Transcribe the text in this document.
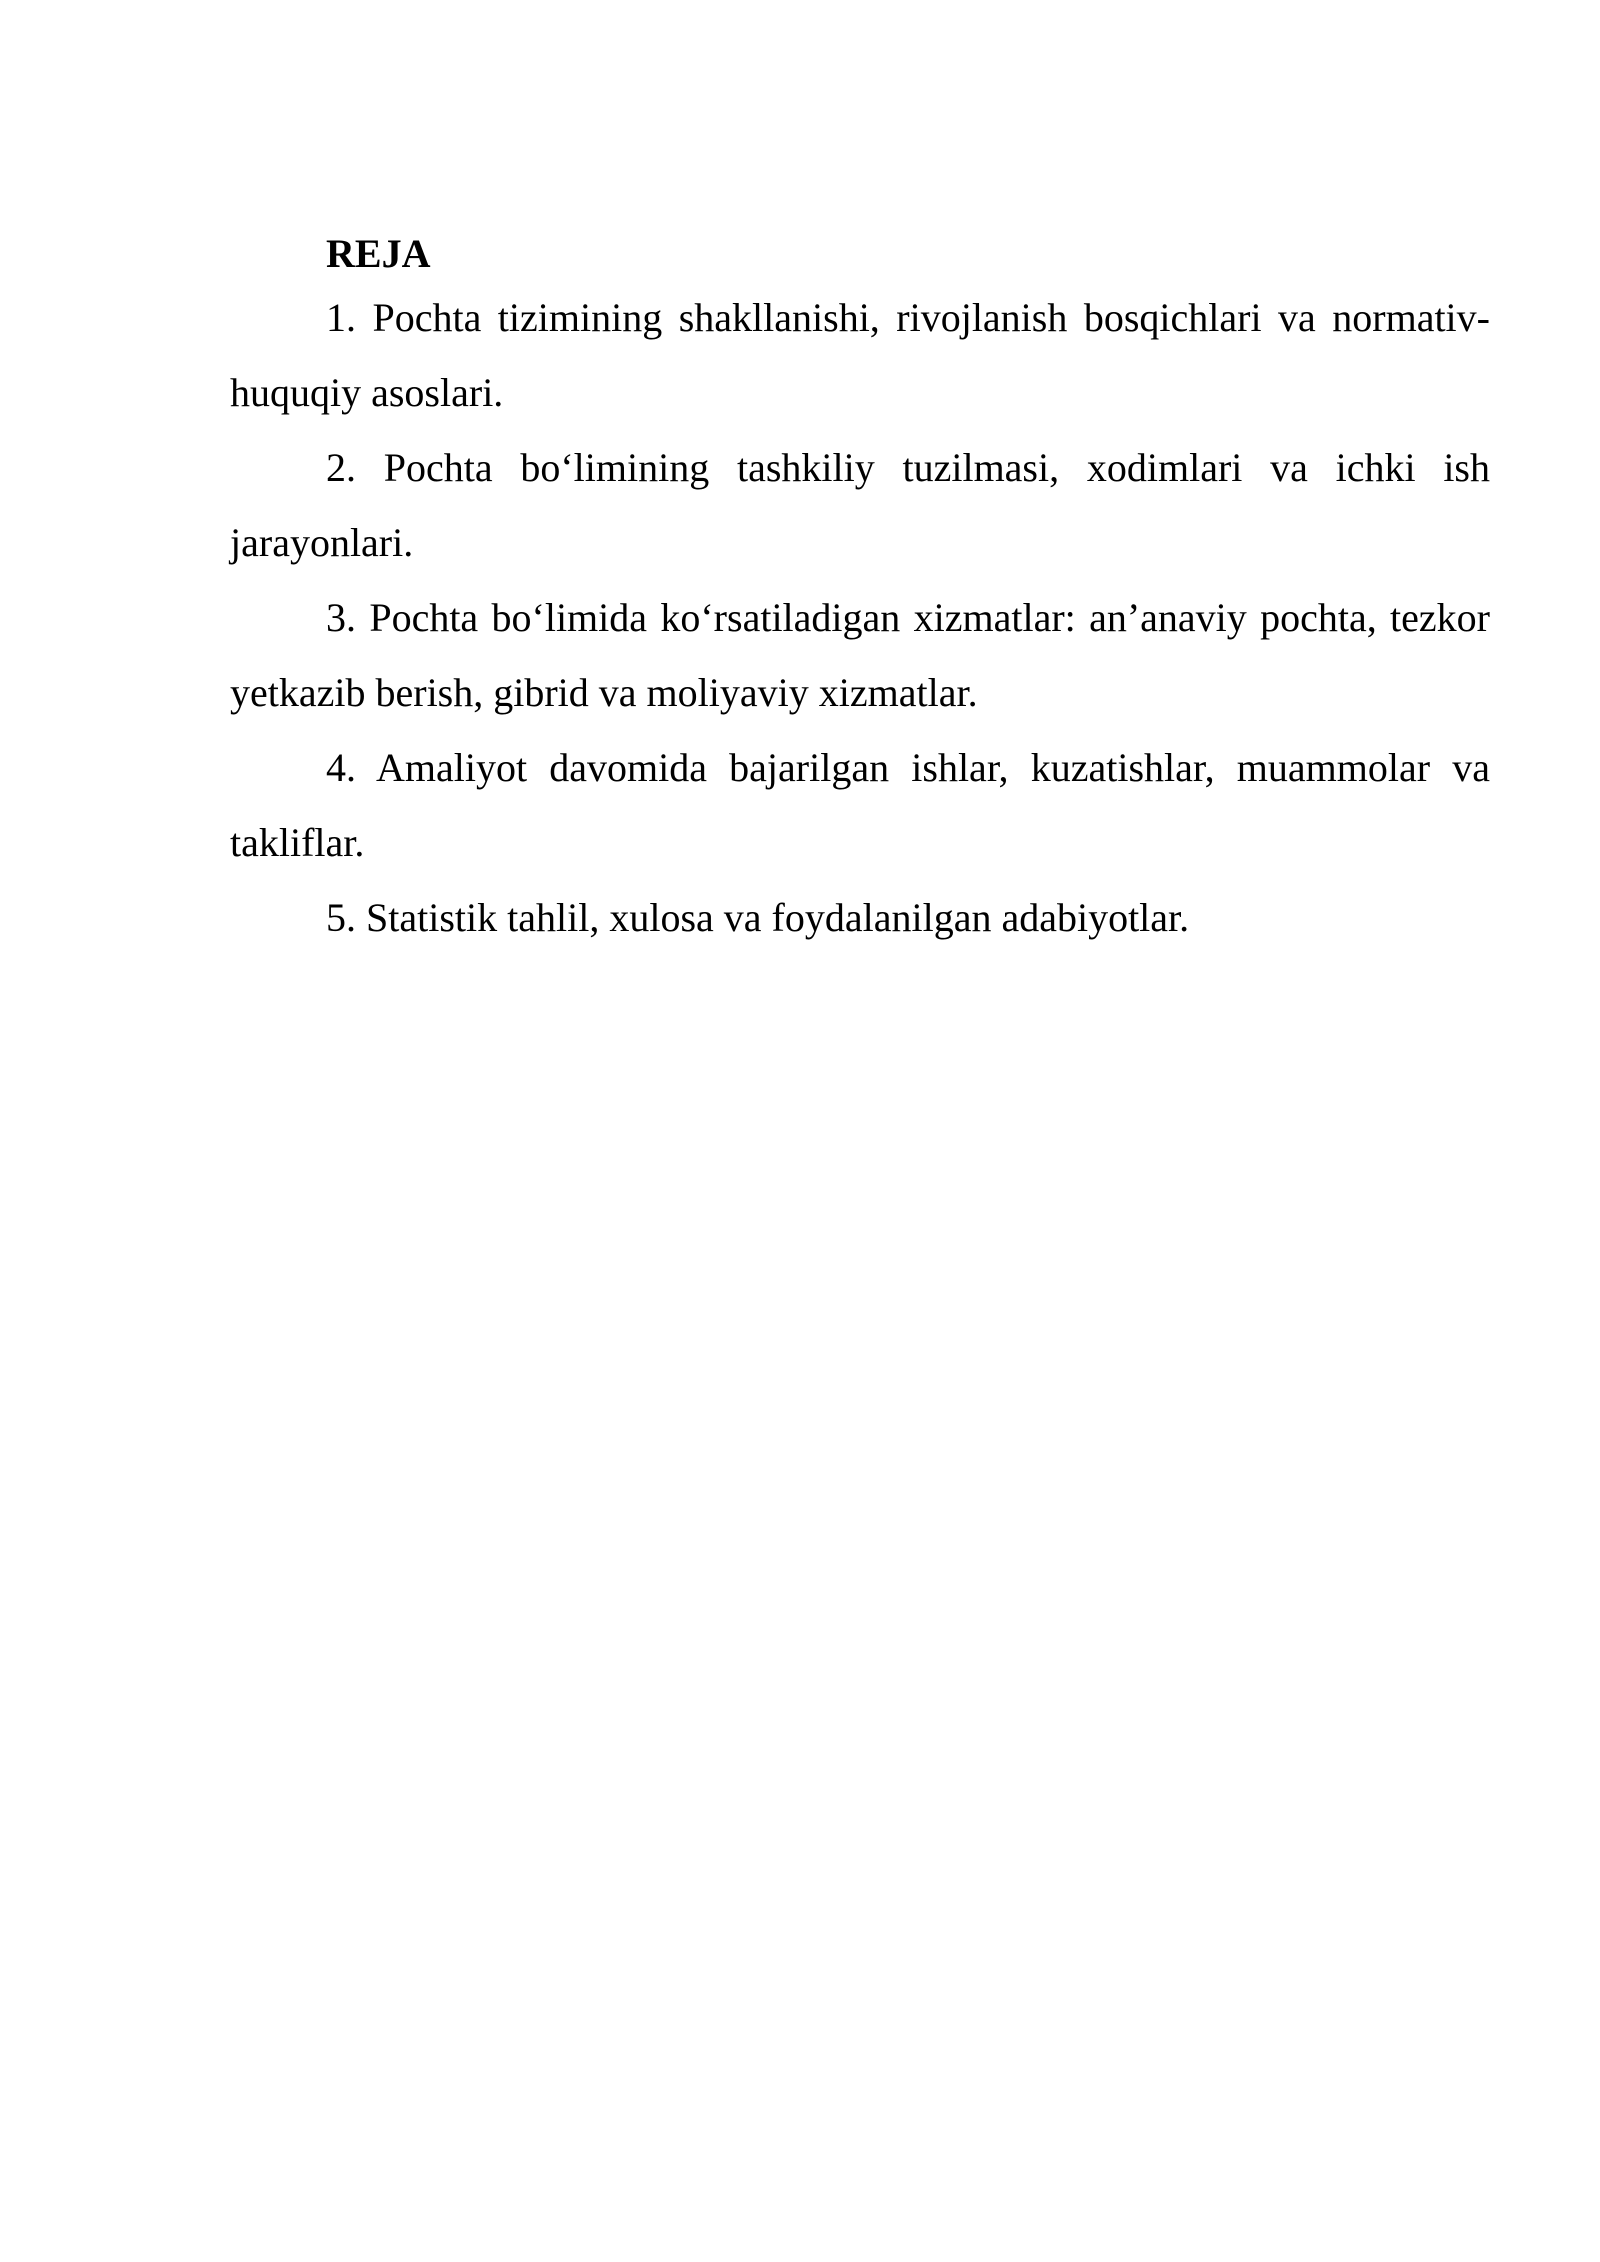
REJA

1. Pochta tizimining shakllanishi, rivojlanish bosqichlari va normativ-huquqiy asoslari.

2. Pochta bo‘limining tashkiliy tuzilmasi, xodimlari va ichki ish jarayonlari.

3. Pochta bo‘limida ko‘rsatiladigan xizmatlar: an’anaviy pochta, tezkor yetkazib berish, gibrid va moliyaviy xizmatlar.

4. Amaliyot davomida bajarilgan ishlar, kuzatishlar, muammolar va takliflar.

5. Statistik tahlil, xulosa va foydalanilgan adabiyotlar.
